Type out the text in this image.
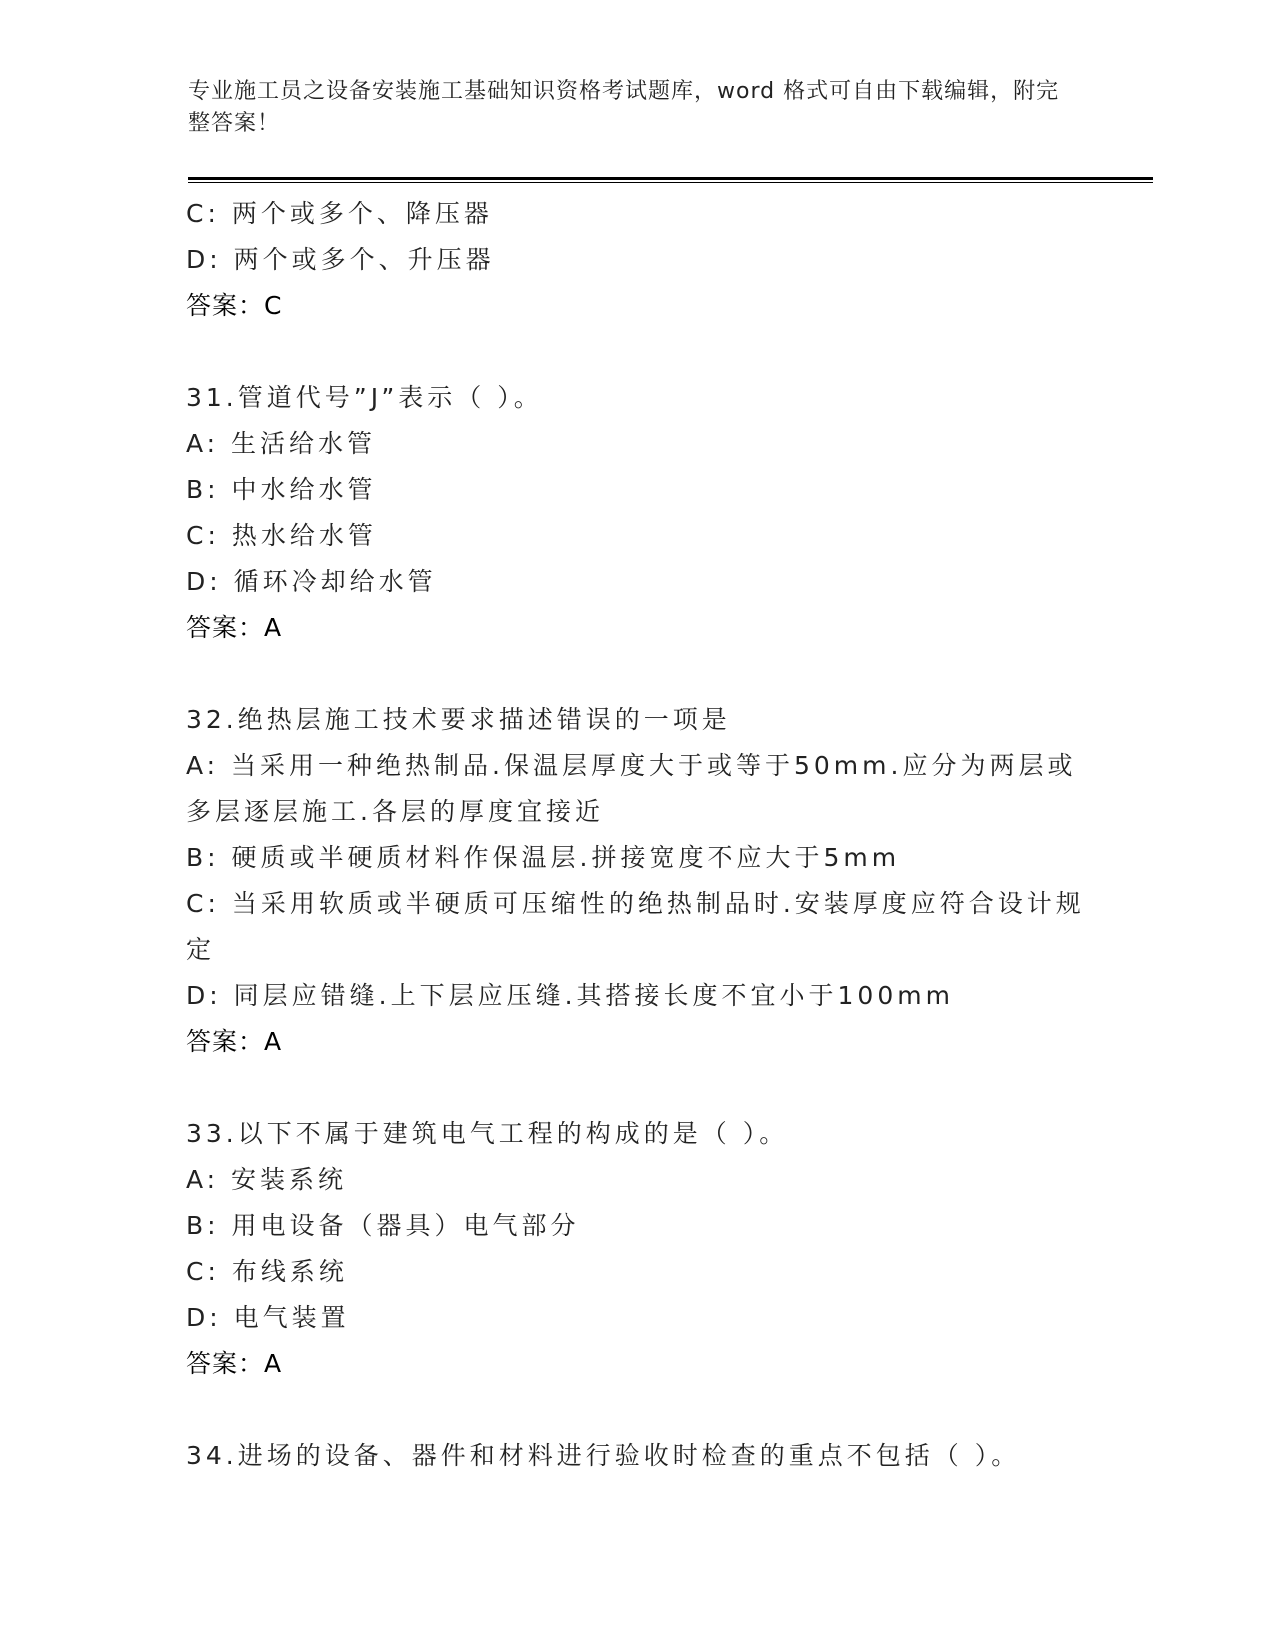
专业施工员之设备安装施工基础知识资格考试题库，word 格式可自由下载编辑，附完整答案！
C: 两个或多个、降压器
D: 两个或多个、升压器
答案：C
31.管道代号”J”表示（ ）。
A: 生活给水管
B: 中水给水管
C: 热水给水管
D: 循环冷却给水管
答案：A
32.绝热层施工技术要求描述错误的一项是
A: 当采用一种绝热制品.保温层厚度大于或等于50mm.应分为两层或多层逐层施工.各层的厚度宜接近
B: 硬质或半硬质材料作保温层.拼接宽度不应大于5mm
C: 当采用软质或半硬质可压缩性的绝热制品时.安装厚度应符合设计规定
D: 同层应错缝.上下层应压缝.其搭接长度不宜小于100mm
答案：A
33.以下不属于建筑电气工程的构成的是（ ）。
A: 安装系统
B: 用电设备（器具）电气部分
C: 布线系统
D: 电气装置
答案：A
34.进场的设备、器件和材料进行验收时检查的重点不包括（ ）。
